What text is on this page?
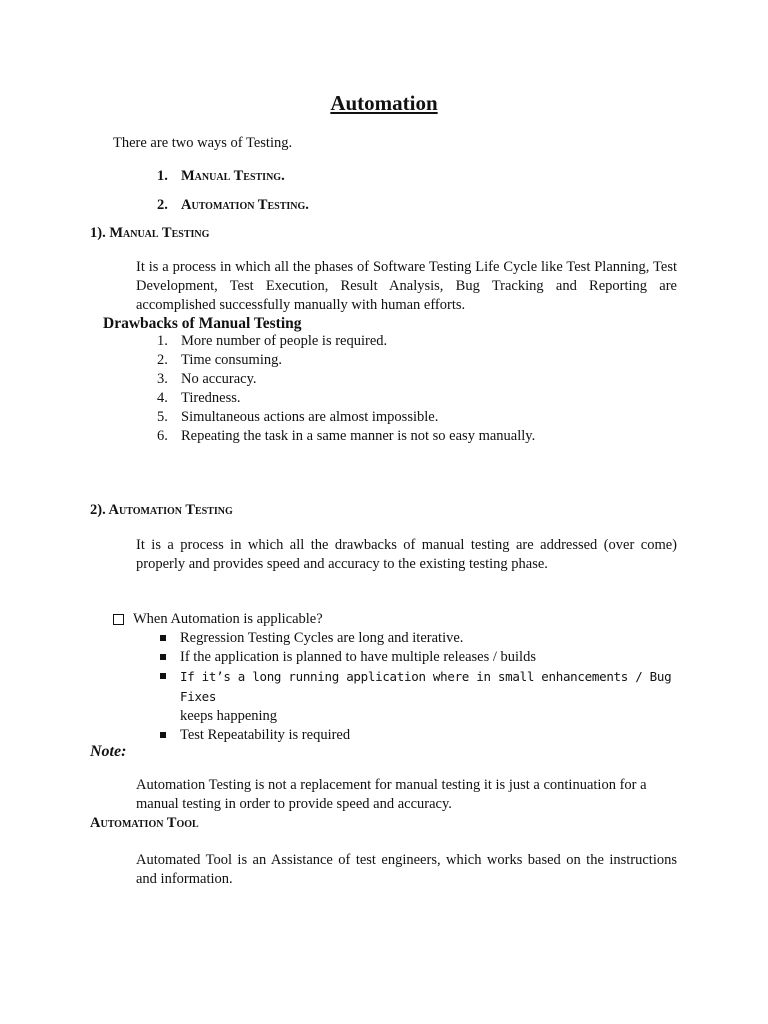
Automation

There are two ways of Testing.

1. Manual Testing.
2. Automation Testing.
1). Manual Testing

It is a process in which all the phases of Software Testing Life Cycle like Test Planning, Test Development, Test Execution, Result Analysis, Bug Tracking and Reporting are accomplished successfully manually with human efforts.

Drawbacks of Manual Testing
1. More number of people is required.
2. Time consuming.
3. No accuracy.
4. Tiredness.
5. Simultaneous actions are almost impossible.
6. Repeating the task in a same manner is not so easy manually.
2). Automation Testing

It is a process in which all the drawbacks of manual testing are addressed (over come) properly and provides speed and accuracy to the existing testing phase.

When Automation is applicable?
Regression Testing Cycles are long and iterative.
If the application is planned to have multiple releases / builds
If it’s a long running application where in small enhancements / Bug Fixes
keeps happening
Test Repeatability is required
Note:

Automation Testing is not a replacement for manual testing it is just a continuation for a manual testing in order to provide speed and accuracy.

Automation Tool

Automated Tool is an Assistance of test engineers, which works based on the instructions and information.
